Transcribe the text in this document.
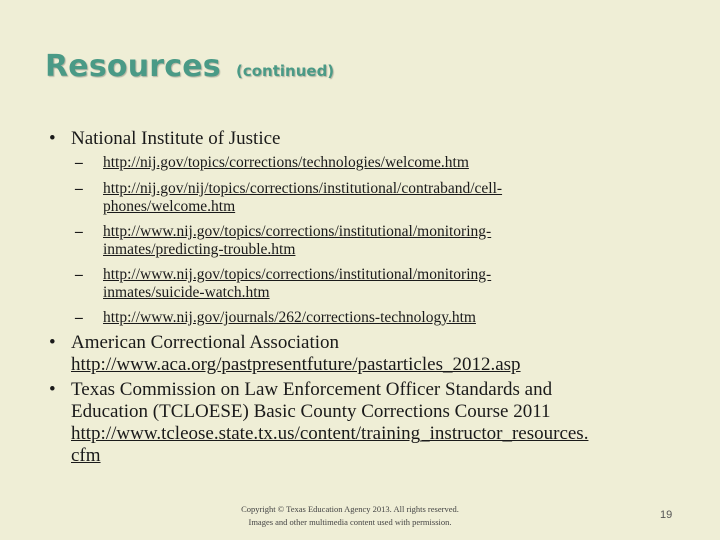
Resources (continued)
• National Institute of Justice
– http://nij.gov/topics/corrections/technologies/welcome.htm
– http://nij.gov/nij/topics/corrections/institutional/contraband/cell-
phones/welcome.htm
– http://www.nij.gov/topics/corrections/institutional/monitoring-
inmates/predicting-trouble.htm
– http://www.nij.gov/topics/corrections/institutional/monitoring-
inmates/suicide-watch.htm
– http://www.nij.gov/journals/262/corrections-technology.htm
• American Correctional Association
http://www.aca.org/pastpresentfuture/pastarticles_2012.asp
• Texas Commission on Law Enforcement Officer Standards and
Education (TCLOESE) Basic County Corrections Course 2011
http://www.tcleose.state.tx.us/content/training_instructor_resources.
cfm
Copyright © Texas Education Agency 2013. All rights reserved.
Images and other multimedia content used with permission.
19
